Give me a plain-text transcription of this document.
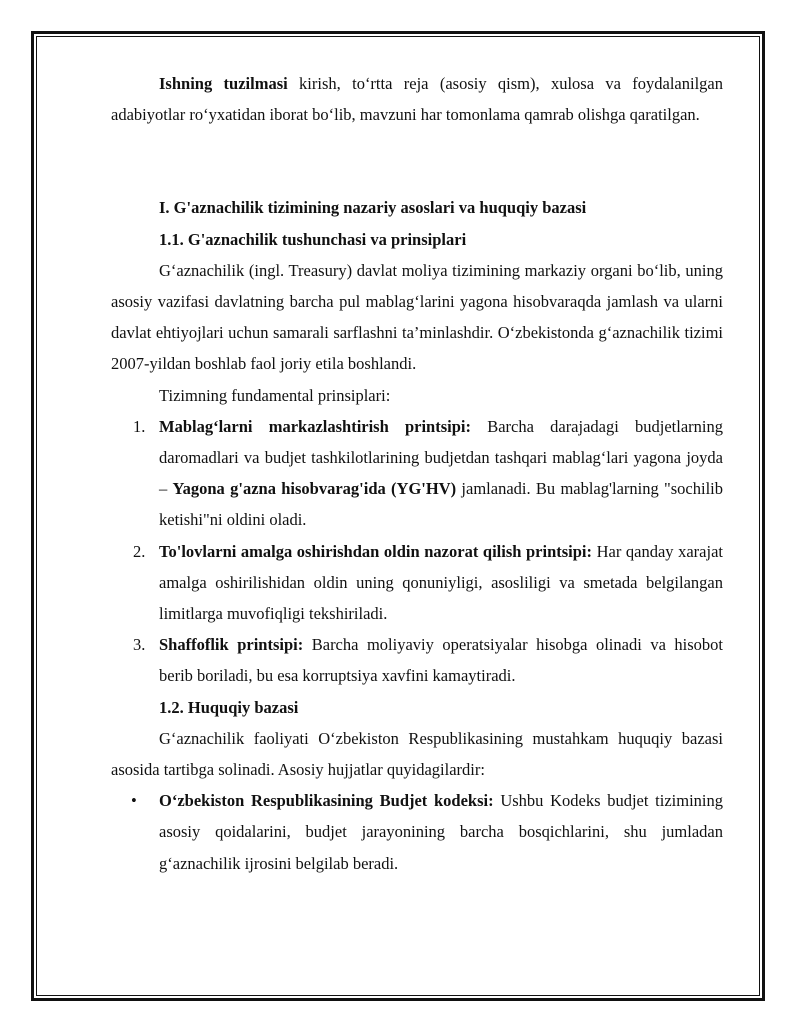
Ishning tuzilmasi kirish, to‘rtta reja (asosiy qism), xulosa va foydalanilgan adabiyotlar ro‘yxatidan iborat bo‘lib, mavzuni har tomonlama qamrab olishga qaratilgan.

I. G'aznachilik tizimining nazariy asoslari va huquqiy bazasi

1.1. G'aznachilik tushunchasi va prinsiplari

G‘aznachilik (ingl. Treasury) davlat moliya tizimining markaziy organi bo‘lib, uning asosiy vazifasi davlatning barcha pul mablag‘larini yagona hisobvaraqda jamlash va ularni davlat ehtiyojlari uchun samarali sarflashni ta’minlashdir. O‘zbekistonda g‘aznachilik tizimi 2007-yildan boshlab faol joriy etila boshlandi.

Tizimning fundamental prinsiplari:

1. Mablag‘larni markazlashtirish printsipi: Barcha darajadagi budjetlarning daromadlari va budjet tashkilotlarining budjetdan tashqari mablag‘lari yagona joyda – Yagona g'azna hisobvarag'ida (YG'HV) jamlanadi. Bu mablag'larning "sochilib ketishi"ni oldini oladi.
2. To'lovlarni amalga oshirishdan oldin nazorat qilish printsipi: Har qanday xarajat amalga oshirilishidan oldin uning qonuniyligi, asosliligi va smetada belgilangan limitlarga muvofiqligi tekshiriladi.
3. Shaffoflik printsipi: Barcha moliyaviy operatsiyalar hisobga olinadi va hisobot berib boriladi, bu esa korruptsiya xavfini kamaytiradi.

1.2. Huquqiy bazasi

G‘aznachilik faoliyati O‘zbekiston Respublikasining mustahkam huquqiy bazasi asosida tartibga solinadi. Asosiy hujjatlar quyidagilardir:

• O‘zbekiston Respublikasining Budjet kodeksi: Ushbu Kodeks budjet tizimining asosiy qoidalarini, budjet jarayonining barcha bosqichlarini, shu jumladan g‘aznachilik ijrosini belgilab beradi.
